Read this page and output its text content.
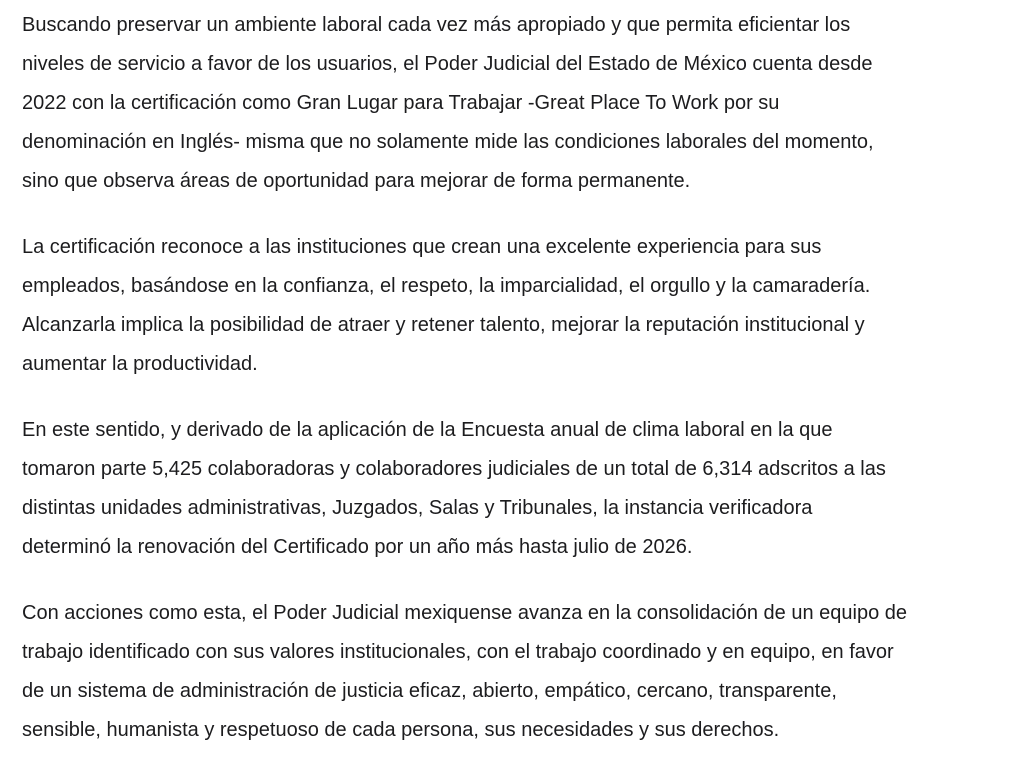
Buscando preservar un ambiente laboral cada vez más apropiado y que permita eficientar los
niveles de servicio a favor de los usuarios, el Poder Judicial del Estado de México cuenta desde
2022 con la certificación como Gran Lugar para Trabajar -Great Place To Work por su
denominación en Inglés- misma que no solamente mide las condiciones laborales del momento,
sino que observa áreas de oportunidad para mejorar de forma permanente.

La certificación reconoce a las instituciones que crean una excelente experiencia para sus
empleados, basándose en la confianza, el respeto, la imparcialidad, el orgullo y la camaradería.
Alcanzarla implica la posibilidad de atraer y retener talento, mejorar la reputación institucional y
aumentar la productividad.

En este sentido, y derivado de la aplicación de la Encuesta anual de clima laboral en la que
tomaron parte 5,425 colaboradoras y colaboradores judiciales de un total de 6,314 adscritos a las
distintas unidades administrativas, Juzgados, Salas y Tribunales, la instancia verificadora
determinó la renovación del Certificado por un año más hasta julio de 2026.

Con acciones como esta, el Poder Judicial mexiquense avanza en la consolidación de un equipo de
trabajo identificado con sus valores institucionales, con el trabajo coordinado y en equipo, en favor
de un sistema de administración de justicia eficaz, abierto, empático, cercano, transparente,
sensible, humanista y respetuoso de cada persona, sus necesidades y sus derechos.
